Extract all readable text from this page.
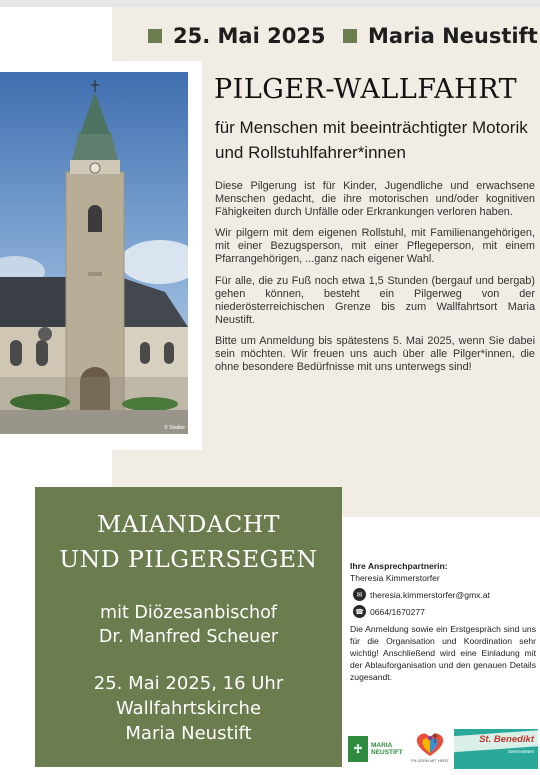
25. Mai 2025 Maria Neustift
© Stadler
PILGER-WALLFAHRT
für Menschen mit beeinträchtigter Motorik und Rollstuhlfahrer*innen

Diese Pilgerung ist für Kinder, Jugendliche und erwachsene Menschen gedacht, die ihre motorischen und/oder kognitiven Fähigkeiten durch Unfälle oder Erkrankungen verloren haben.

Wir pilgern mit dem eigenen Rollstuhl, mit Familienangehörigen, mit einer Bezugsperson, mit einer Pflegeperson, mit einem Pfarrangehörigen, ...ganz nach eigener Wahl.

Für alle, die zu Fuß noch etwa 1,5 Stunden (bergauf und bergab) gehen können, besteht ein Pilgerweg von der niederösterreichischen Grenze bis zum Wallfahrtsort Maria Neustift.

Bitte um Anmeldung bis spätestens 5. Mai 2025, wenn Sie dabei sein möchten. Wir freuen uns auch über alle Pilger*innen, die ohne besondere Bedürfnisse mit uns unterwegs sind!

MAIANDACHT
UND PILGERSEGEN
mit Diözesanbischof
Dr. Manfred Scheuer
25. Mai 2025, 16 Uhr
Wallfahrtskirche
Maria Neustift
Ihre Ansprechpartnerin:
Theresia Kimmerstorfer
✉ theresia.kimmerstorfer@gmx.at
☎ 0664/1670277
Die Anmeldung sowie ein Erstgespräch sind uns für die Organisation und Koordination sehr wichtig! Anschließend wird eine Einladung mit der Ablauforganisation und den genauen Details zugesandt.
♱	MARIA
NEUSTIFT
PILGERN MIT HERZ
St. Benedikt
Seitenstetten
